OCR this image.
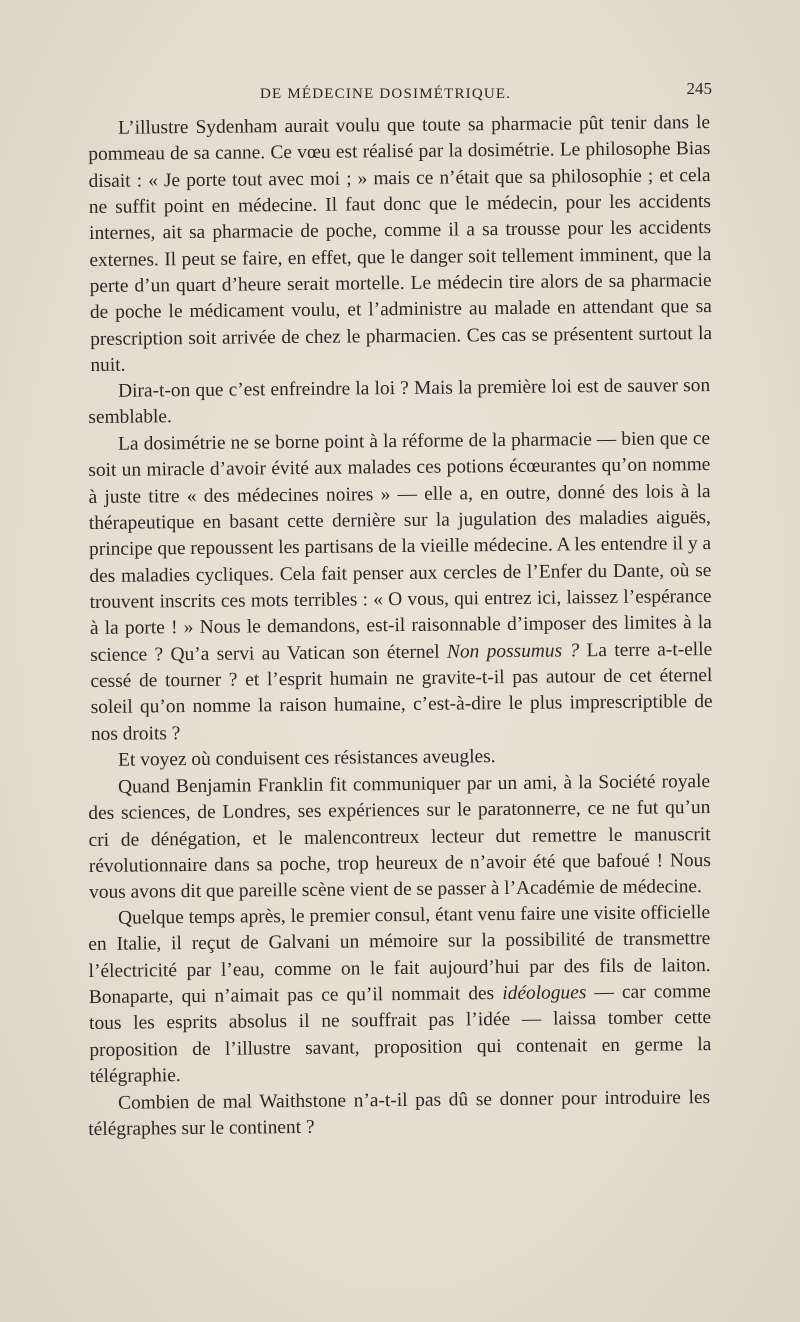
DE MÉDECINE DOSIMÉTRIQUE.	245

L’illustre Sydenham aurait voulu que toute sa pharmacie pût tenir dans le pommeau de sa canne. Ce vœu est réalisé par la dosimétrie. Le philosophe Bias disait : « Je porte tout avec moi ; » mais ce n’était que sa philosophie ; et cela ne suffit point en médecine. Il faut donc que le médecin, pour les accidents internes, ait sa pharmacie de poche, comme il a sa trousse pour les accidents externes. Il peut se faire, en effet, que le danger soit tellement imminent, que la perte d’un quart d’heure serait mortelle. Le médecin tire alors de sa pharmacie de poche le médicament voulu, et l’administre au malade en attendant que sa prescription soit arrivée de chez le pharmacien. Ces cas se présentent surtout la nuit.

Dira-t-on que c’est enfreindre la loi ? Mais la première loi est de sauver son semblable.

La dosimétrie ne se borne point à la réforme de la pharmacie — bien que ce soit un miracle d’avoir évité aux malades ces potions écœurantes qu’on nomme à juste titre « des médecines noires » — elle a, en outre, donné des lois à la thérapeutique en basant cette dernière sur la jugulation des maladies aiguës, principe que repoussent les partisans de la vieille médecine. A les entendre il y a des maladies cycliques. Cela fait penser aux cercles de l’Enfer du Dante, où se trouvent inscrits ces mots terribles : « O vous, qui entrez ici, laissez l’espérance à la porte ! » Nous le demandons, est-il raisonnable d’imposer des limites à la science ? Qu’a servi au Vatican son éternel Non possumus ? La terre a-t-elle cessé de tourner ? et l’esprit humain ne gravite-t-il pas autour de cet éternel soleil qu’on nomme la raison humaine, c’est-à-dire le plus imprescriptible de nos droits ?

Et voyez où conduisent ces résistances aveugles.

Quand Benjamin Franklin fit communiquer par un ami, à la Société royale des sciences, de Londres, ses expériences sur le paratonnerre, ce ne fut qu’un cri de dénégation, et le malencontreux lecteur dut remettre le manuscrit révolutionnaire dans sa poche, trop heureux de n’avoir été que bafoué ! Nous vous avons dit que pareille scène vient de se passer à l’Académie de médecine.

Quelque temps après, le premier consul, étant venu faire une visite officielle en Italie, il reçut de Galvani un mémoire sur la possibilité de transmettre l’électricité par l’eau, comme on le fait aujourd’hui par des fils de laiton. Bonaparte, qui n’aimait pas ce qu’il nommait des idéologues — car comme tous les esprits absolus il ne souffrait pas l’idée — laissa tomber cette proposition de l’illustre savant, proposition qui contenait en germe la télégraphie.

Combien de mal Waithstone n’a-t-il pas dû se donner pour introduire les télégraphes sur le continent ?
